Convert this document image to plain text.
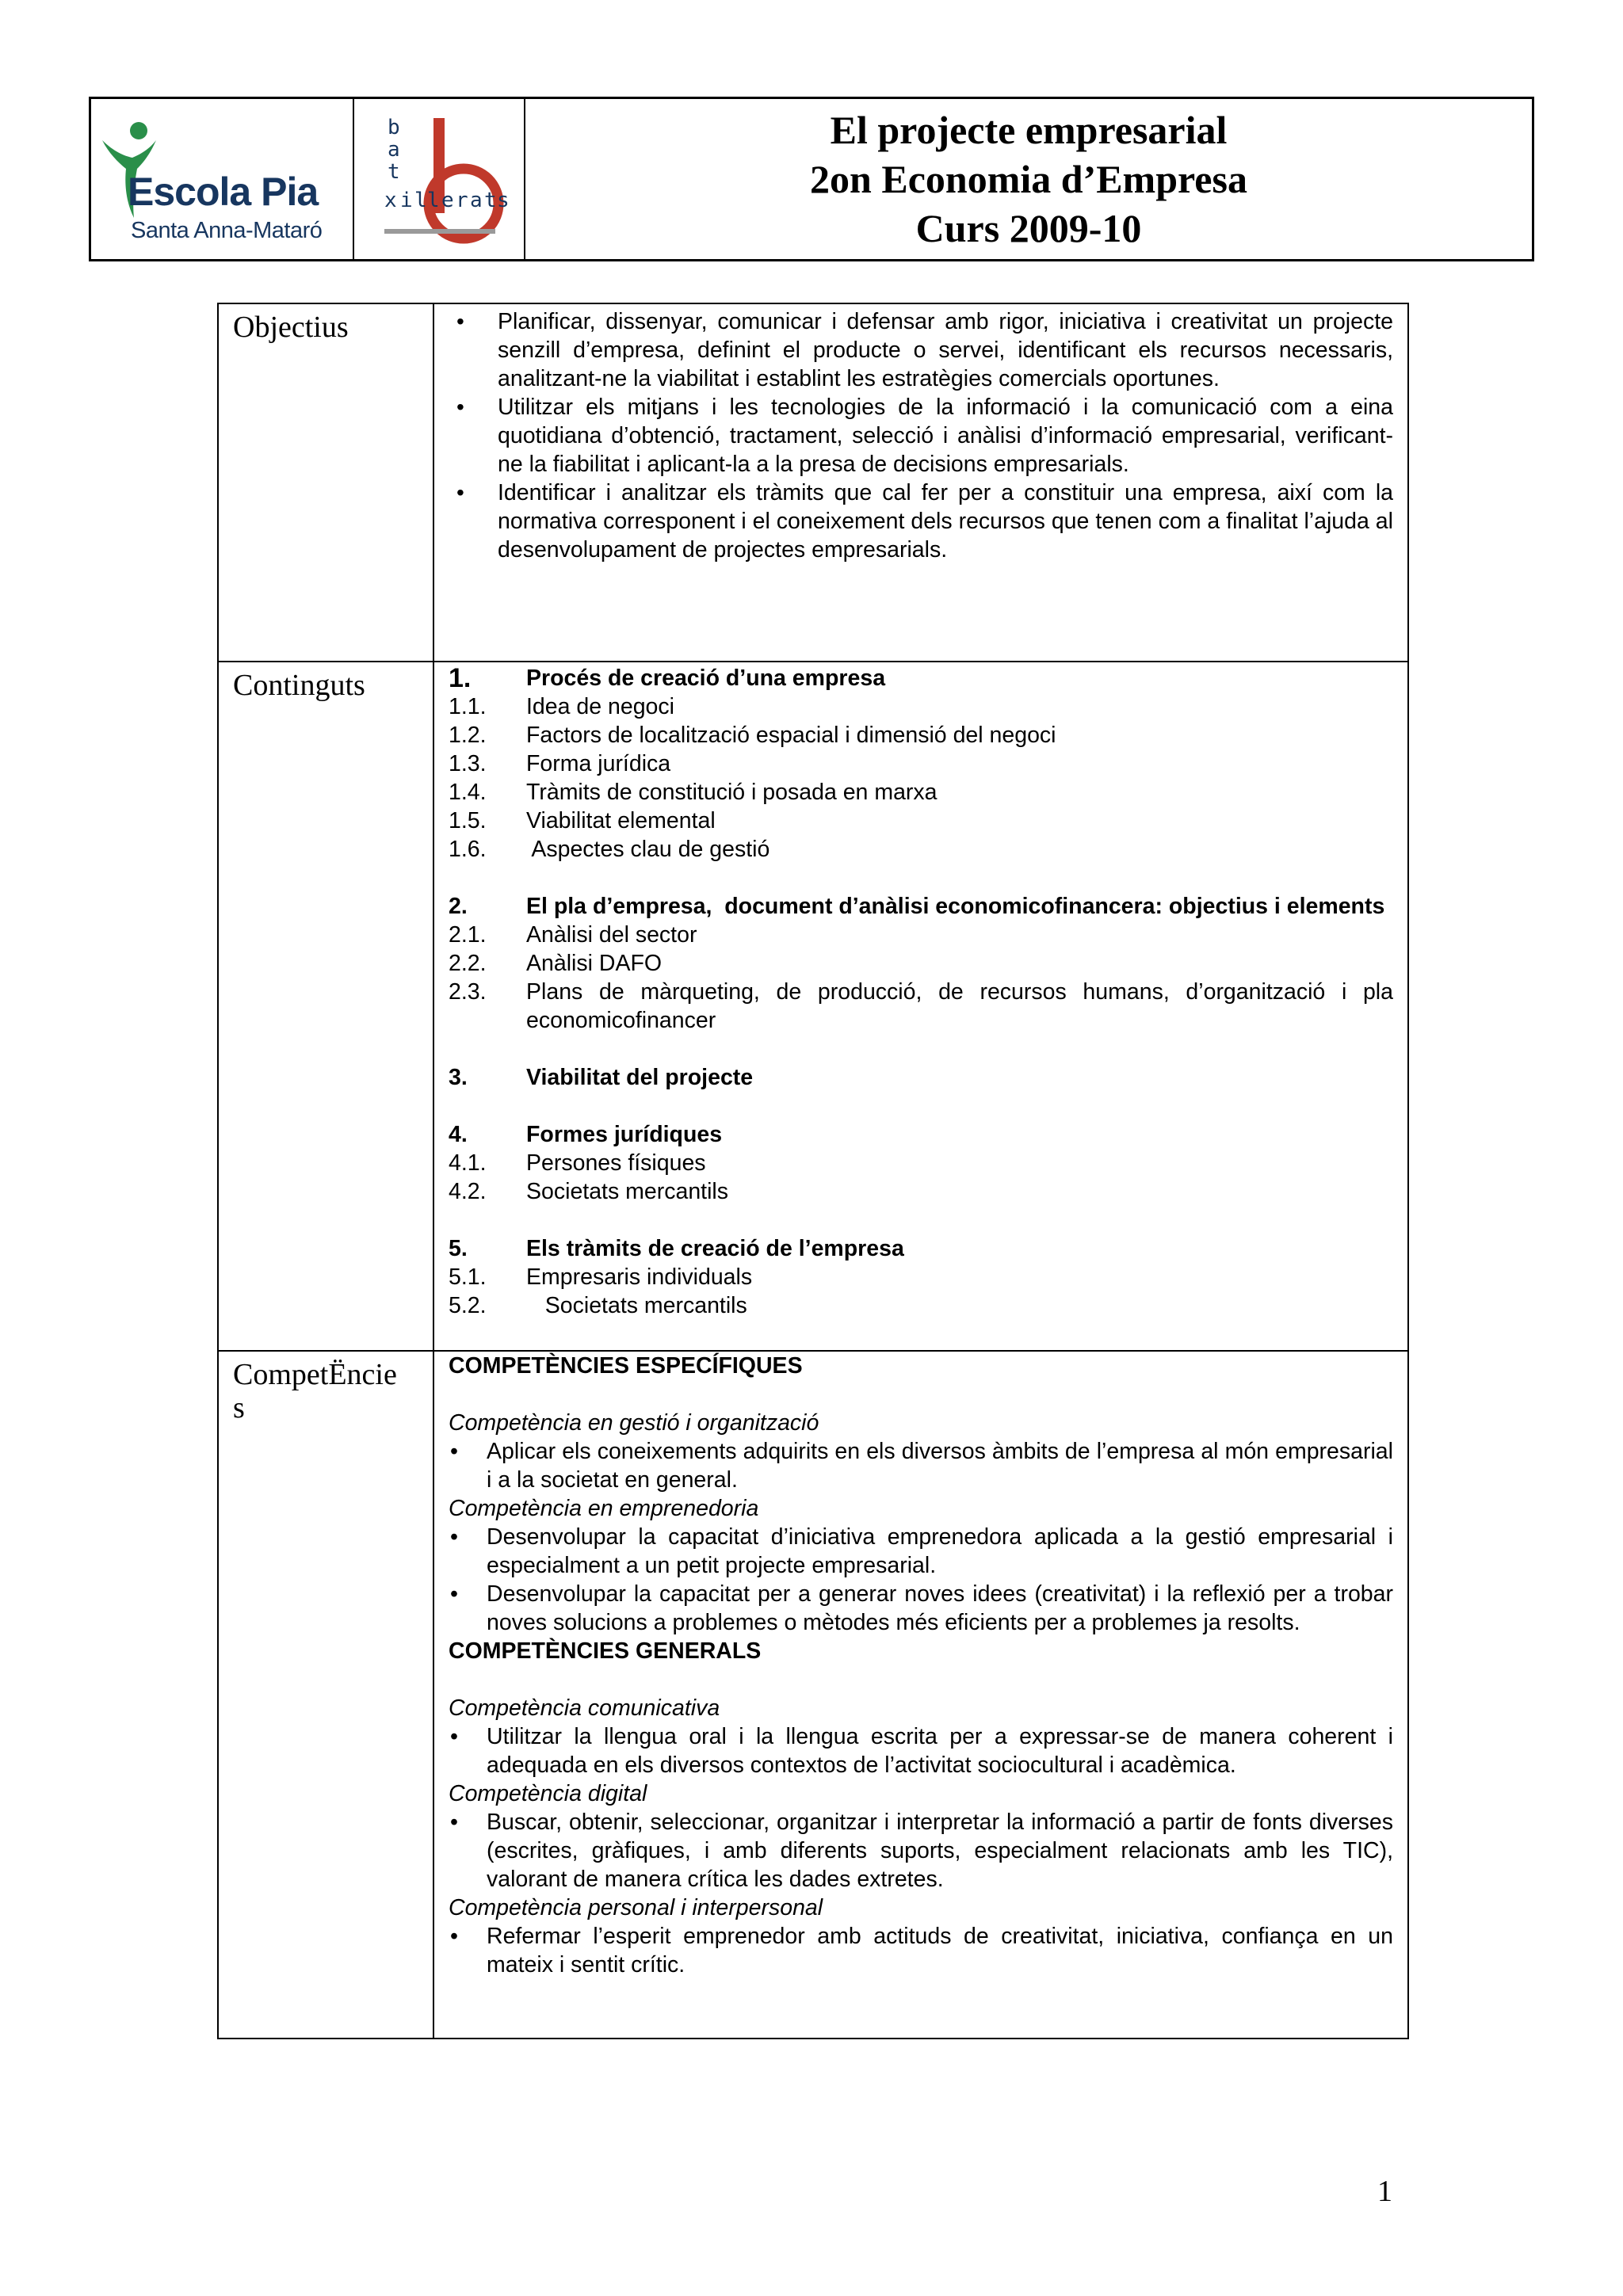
Escola Pia
Santa Anna-Mataró
b
a
t
x i l l e r a t s
El projecte empresarial
2on Economia d’Empresa
Curs 2009-10
Objectius
•	Planificar, dissenyar, comunicar i defensar amb rigor, iniciativa i creativitat un projecte senzill d’empresa, definint el producte o servei, identificant els recursos necessaris, analitzant-ne la viabilitat i establint les estratègies comercials oportunes.
• Utilitzar els mitjans i les tecnologies de la informació i la comunicació com a eina quotidiana d’obtenció, tractament, selecció i anàlisi d’informació empresarial, verificant-ne la fiabilitat i aplicant-la a la presa de decisions empresarials.
• Identificar i analitzar els tràmits que cal fer per a constituir una empresa, així com la normativa corresponent i el coneixement dels recursos que tenen com a finalitat l’ajuda al desenvolupament de projectes empresarials.
Continguts	1.	Procés de creació d’una empresa
1.1.	Idea de negoci
1.2.	Factors de localització espacial i dimensió del negoci
1.3.	Forma jurídica
1.4.	Tràmits de constitució i posada en marxa
1.5.	Viabilitat elemental
1.6.	Aspectes clau de gestió
2.	El pla d’empresa,  document d’anàlisi economicofinancera: objectius i elements
2.1.	Anàlisi del sector
2.2.	Anàlisi DAFO
2.3.	Plans de màrqueting, de producció, de recursos humans, d’organització i pla economicofinancer
3.	Viabilitat del projecte
4.	Formes jurídiques
4.1.	Persones físiques
4.2.	Societats mercantils
5.	Els tràmits de creació de l’empresa
5.1.	Empresaris individuals
5.2.	Societats mercantils
CompetËncie
s
COMPETÈNCIES ESPECÍFIQUES
Competència en gestió i organització
• Aplicar els coneixements adquirits en els diversos àmbits de l’empresa al món empresarial i a la societat en general.
Competència en emprenedoria
• Desenvolupar la capacitat d’iniciativa emprenedora aplicada a la gestió empresarial i especialment a un petit projecte empresarial.
• Desenvolupar la capacitat per a generar noves idees (creativitat) i la reflexió per a trobar noves solucions a problemes o mètodes més eficients per a problemes ja resolts.
COMPETÈNCIES GENERALS
Competència comunicativa
• Utilitzar la llengua oral i la llengua escrita per a expressar-se de manera coherent i adequada en els diversos contextos de l’activitat sociocultural i acadèmica.
Competència digital
• Buscar, obtenir, seleccionar, organitzar i interpretar la informació a partir de fonts diverses (escrites, gràfiques, i amb diferents suports, especialment relacionats amb les TIC), valorant de manera crítica les dades extretes.
Competència personal i interpersonal
• Refermar l’esperit emprenedor amb actituds de creativitat, iniciativa, confiança en un mateix i sentit crític.
1
